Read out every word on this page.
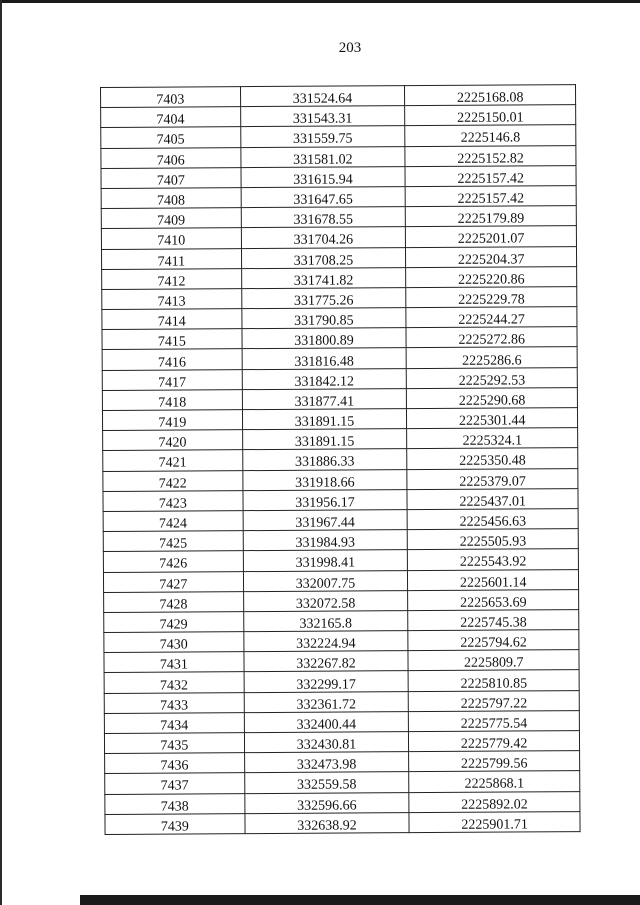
203
7403	331524.64	2225168.08
7404	331543.31	2225150.01
7405	331559.75	2225146.8
7406	331581.02	2225152.82
7407	331615.94	2225157.42
7408	331647.65	2225157.42
7409	331678.55	2225179.89
7410	331704.26	2225201.07
7411	331708.25	2225204.37
7412	331741.82	2225220.86
7413	331775.26	2225229.78
7414	331790.85	2225244.27
7415	331800.89	2225272.86
7416	331816.48	2225286.6
7417	331842.12	2225292.53
7418	331877.41	2225290.68
7419	331891.15	2225301.44
7420	331891.15	2225324.1
7421	331886.33	2225350.48
7422	331918.66	2225379.07
7423	331956.17	2225437.01
7424	331967.44	2225456.63
7425	331984.93	2225505.93
7426	331998.41	2225543.92
7427	332007.75	2225601.14
7428	332072.58	2225653.69
7429	332165.8	2225745.38
7430	332224.94	2225794.62
7431	332267.82	2225809.7
7432	332299.17	2225810.85
7433	332361.72	2225797.22
7434	332400.44	2225775.54
7435	332430.81	2225779.42
7436	332473.98	2225799.56
7437	332559.58	2225868.1
7438	332596.66	2225892.02
7439	332638.92	2225901.71
